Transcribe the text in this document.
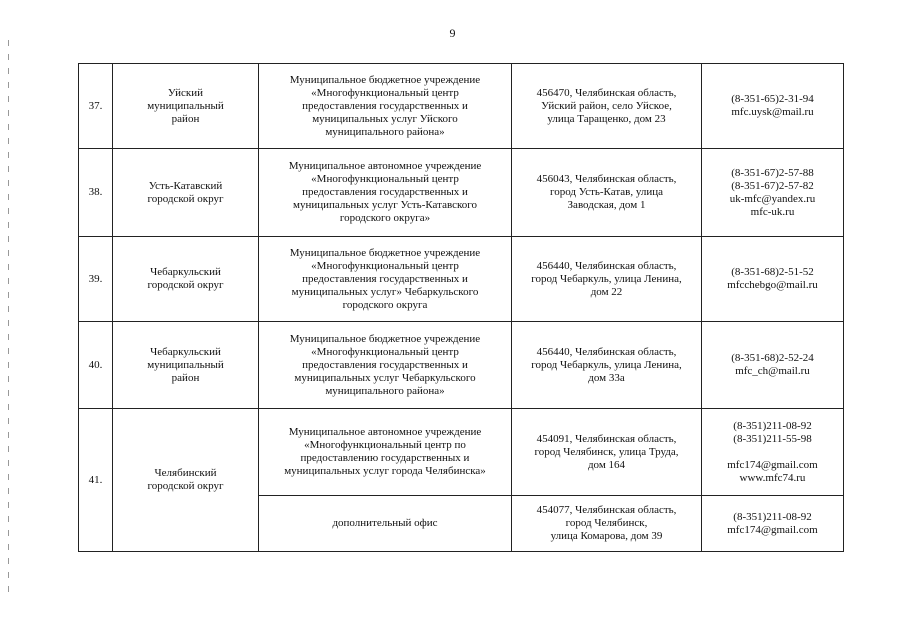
9
37.	Уйский
муниципальный
район	Муниципальное бюджетное учреждение
«Многофункциональный центр
предоставления государственных и
муниципальных услуг Уйского
муниципального района»	456470, Челябинская область,
Уйский район, село Уйское,
улица Таращенко, дом 23	(8-351-65)2-31-94
mfc.uysk@mail.ru

38.	Усть-Катавский
городской округ	Муниципальное автономное учреждение
«Многофункциональный центр
предоставления государственных и
муниципальных услуг Усть-Катавского
городского округа»	456043, Челябинская область,
город Усть-Катав, улица
Заводская, дом 1	(8-351-67)2-57-88
(8-351-67)2-57-82
uk-mfc@yandex.ru
mfc-uk.ru

39.	Чебаркульский
городской округ	Муниципальное бюджетное учреждение
«Многофункциональный центр
предоставления государственных и
муниципальных услуг» Чебаркульского
городского округа	456440, Челябинская область,
город Чебаркуль, улица Ленина,
дом 22	(8-351-68)2-51-52
mfcchebgo@mail.ru

40.	Чебаркульский
муниципальный
район	Муниципальное бюджетное учреждение
«Многофункциональный центр
предоставления государственных и
муниципальных услуг Чебаркульского
муниципального района»	456440, Челябинская область,
город Чебаркуль, улица Ленина,
дом 33а	(8-351-68)2-52-24
mfc_ch@mail.ru

41.	Челябинский
городской округ	Муниципальное автономное учреждение
«Многофункциональный центр по
предоставлению государственных и
муниципальных услуг города Челябинска»	454091, Челябинская область,
город Челябинск, улица Труда,
дом 164	(8-351)211-08-92
(8-351)211-55-98
mfc174@gmail.com
www.mfc74.ru

		дополнительный офис	454077, Челябинская область,
город Челябинск,
улица Комарова, дом 39	(8-351)211-08-92
mfc174@gmail.com
